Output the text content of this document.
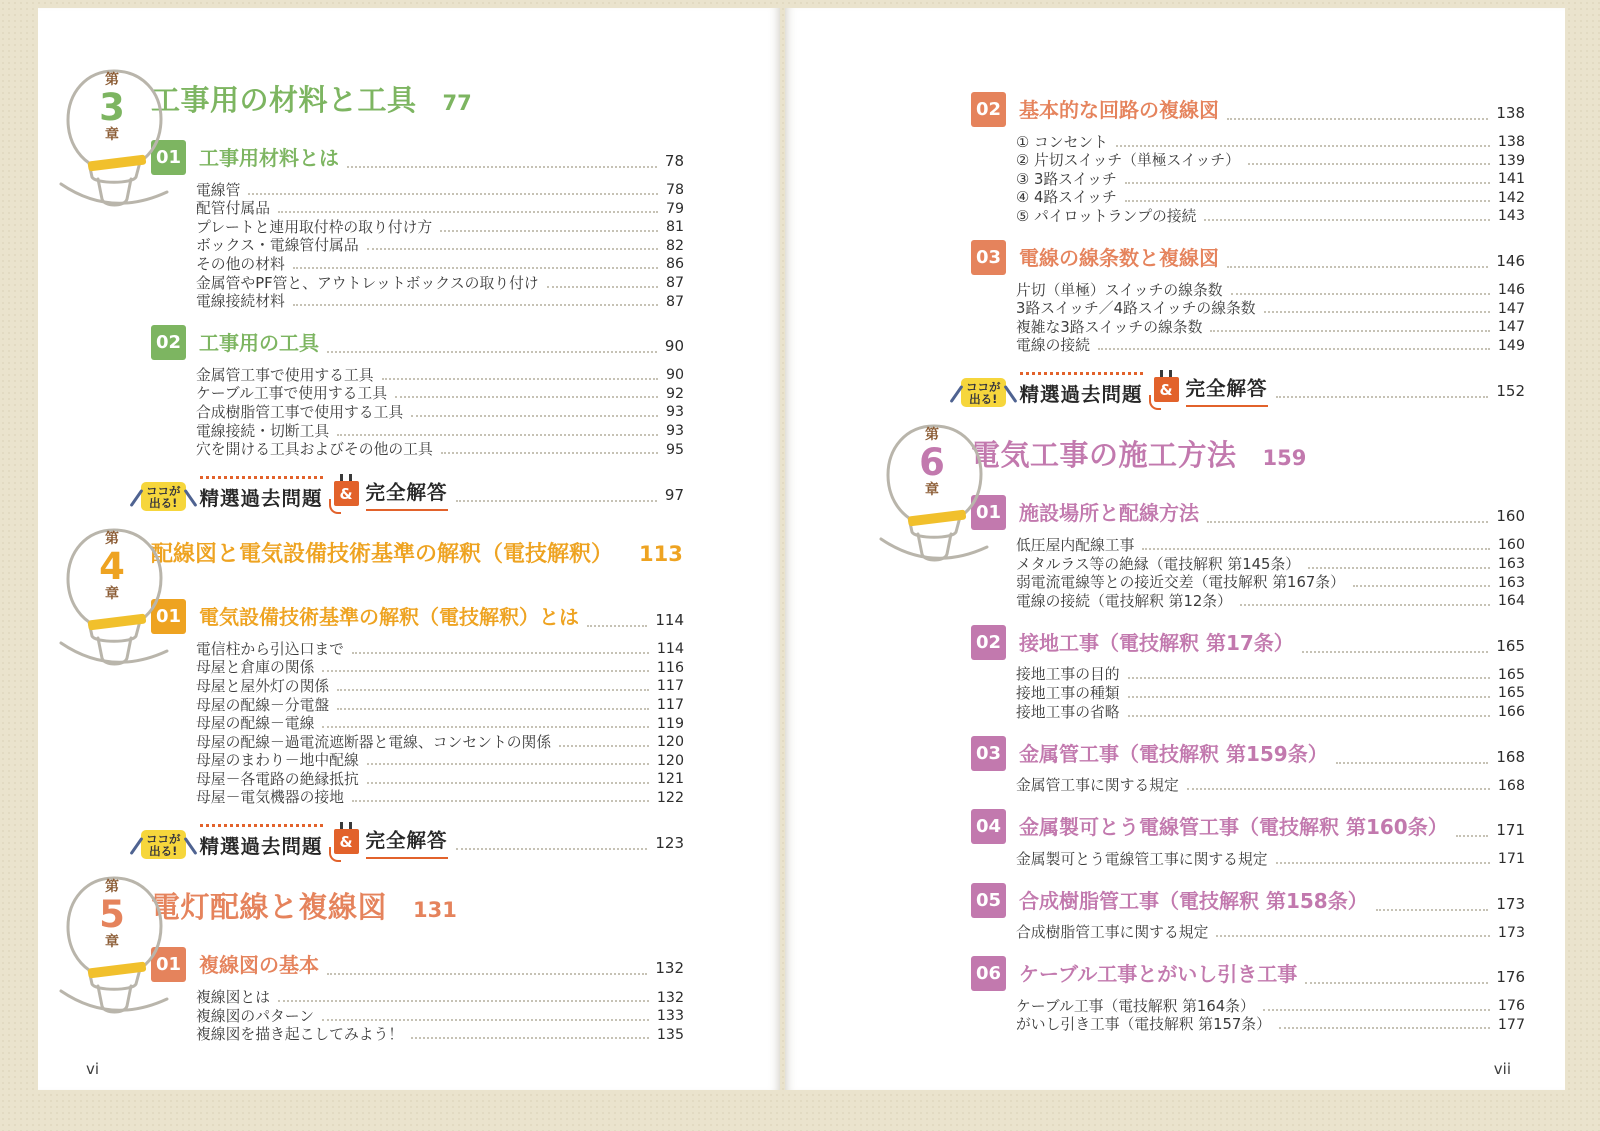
第
3
章
工事用の材料と工具 77
01 工事用材料とは	78
電線管	78
配管付属品	79
プレートと連用取付枠の取り付け方	81
ボックス・電線管付属品	82
その他の材料	86
金属管やPF管と、アウトレットボックスの取り付け	87
電線接続材料	87
02 工事用の工具	90
金属管工事で使用する工具	90
ケーブル工事で使用する工具	92
合成樹脂管工事で使用する工具	93
電線接続・切断工具	93
穴を開ける工具およびその他の工具	95
ココが
出る! 精選過去問題	& 完全解答	97
第
4
章
配線図と電気設備技術基準の解釈（電技解釈） 113
01 電気設備技術基準の解釈（電技解釈）とは	114
電信柱から引込口まで	114
母屋と倉庫の関係	116
母屋と屋外灯の関係	117
母屋の配線－分電盤	117
母屋の配線－電線	119
母屋の配線－過電流遮断器と電線、コンセントの関係	120
母屋のまわり－地中配線	120
母屋－各電路の絶縁抵抗	121
母屋－電気機器の接地	122
ココが
出る! 精選過去問題	& 完全解答	123
第
5
章
電灯配線と複線図 131
01 複線図の基本	132
複線図とは	132
複線図のパターン	133
複線図を描き起こしてみよう！	135
vi
02 基本的な回路の複線図	138
① コンセント	138
② 片切スイッチ（単極スイッチ）	139
③ 3路スイッチ	141
④ 4路スイッチ	142
⑤ パイロットランプの接続	143
03 電線の線条数と複線図	146
片切（単極）スイッチの線条数	146
3路スイッチ／4路スイッチの線条数	147
複雑な3路スイッチの線条数	147
電線の接続	149
ココが
出る! 精選過去問題	& 完全解答	152
第
6
章
電気工事の施工方法 159
01 施設場所と配線方法	160
低圧屋内配線工事	160
メタルラス等の絶縁（電技解釈 第145条）	163
弱電流電線等との接近交差（電技解釈 第167条）	163
電線の接続（電技解釈 第12条）	164
02 接地工事（電技解釈 第17条）	165
接地工事の目的	165
接地工事の種類	165
接地工事の省略	166
03 金属管工事（電技解釈 第159条）	168
金属管工事に関する規定	168
04 金属製可とう電線管工事（電技解釈 第160条）	171
金属製可とう電線管工事に関する規定	171
05 合成樹脂管工事（電技解釈 第158条）	173
合成樹脂管工事に関する規定	173
06 ケーブル工事とがいし引き工事	176
ケーブル工事（電技解釈 第164条）	176
がいし引き工事（電技解釈 第157条）	177
vii
